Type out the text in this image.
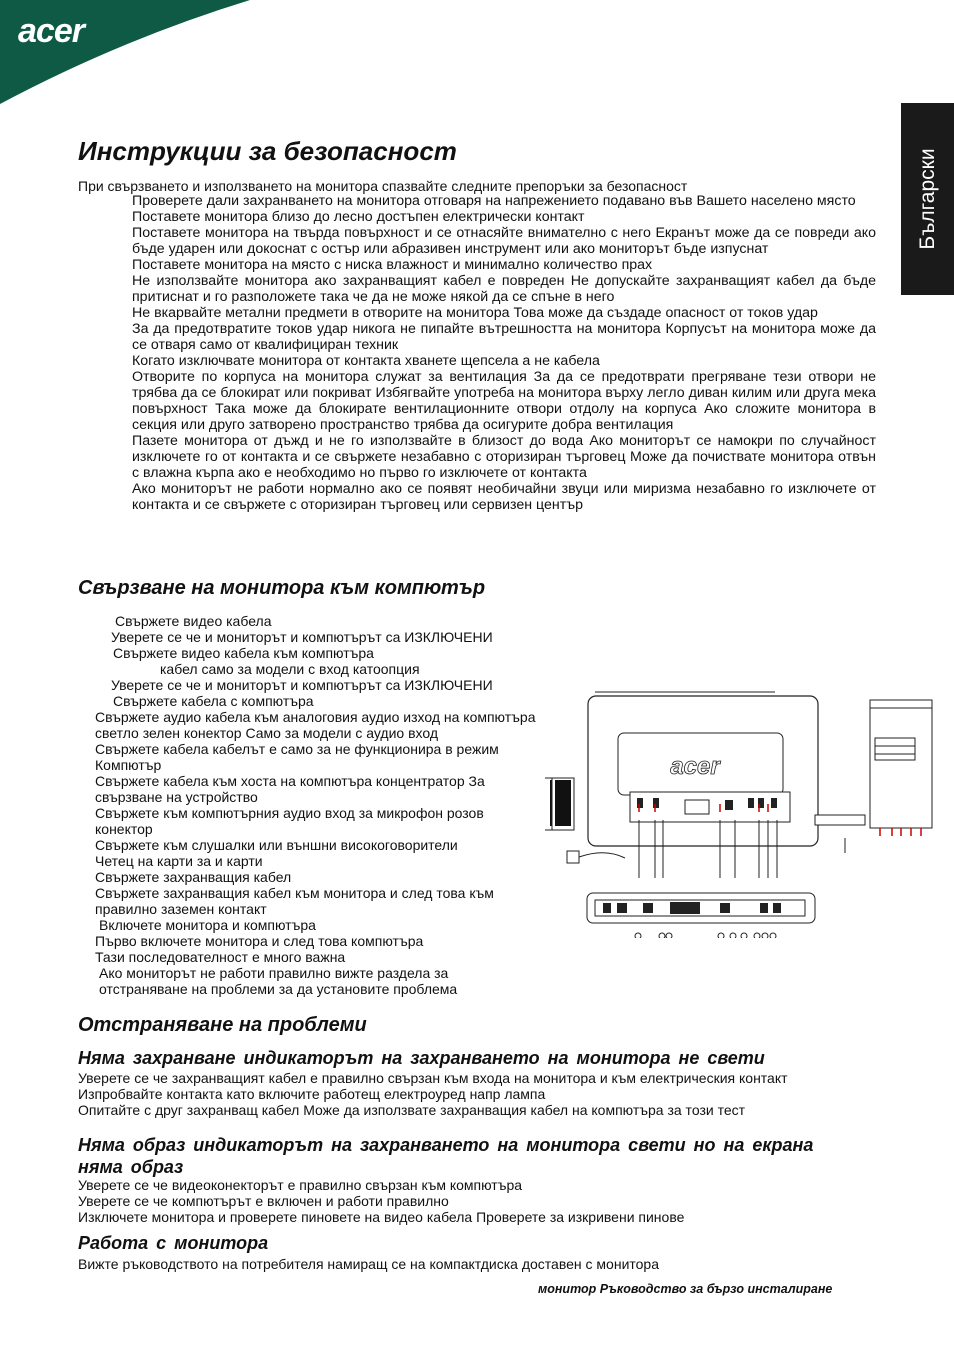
acer
Български
Инструкции за безопасност
При свързването и използването на монитора спазвайте следните препоръки за безопасност
Проверете дали захранването на монитора отговаря на напрежението подавано във Вашето населено място
Поставете монитора близо до лесно достъпен електрически контакт
Поставете монитора на твърда повърхност и се отнасяйте внимателно с него Екранът може да се повреди ако бъде ударен или докоснат с остър или абразивен инструмент или ако мониторът бъде изпуснат
Поставете монитора на място с ниска влажност и минимално количество прах
Не използвайте монитора ако захранващият кабел е повреден Не допускайте захранващият кабел да бъде притиснат и го разположете така че да не може някой да се спъне в него
Не вкарвайте метални предмети в отворите на монитора Това може да създаде опасност от токов удар
За да предотвратите токов удар никога не пипайте вътрешността на монитора Корпусът на монитора може да се отваря само от квалифициран техник
Когато изключвате монитора от контакта хванете щепсела а не кабела
Отворите по корпуса на монитора служат за вентилация За да се предотврати прегряване тези отвори не трябва да се блокират или покриват Избягвайте употреба на монитора върху легло диван килим или друга мека повърхност Така може да блокирате вентилационните отвори отдолу на корпуса Ако сложите монитора в секция или друго затворено пространство трябва да осигурите добра вентилация
Пазете монитора от дъжд и не го използвайте в близост до вода Ако мониторът се намокри по случайност изключете го от контакта и се свържете незабавно с оторизиран търговец Може да почиствате монитора отвън с влажна кърпа ако е необходимо но първо го изключете от контакта
Ако мониторът не работи нормално ако се появят необичайни звуци или миризма незабавно го изключете от контакта и се свържете с оторизиран търговец или сервизен център
Свързване на монитора към компютър
Свържете видео кабела
Уверете се че и мониторът и компютърът са ИЗКЛЮЧЕНИ
Свържете видео кабела към компютъра
кабел само за модели с вход катоопция
Уверете се че и мониторът и компютърът са ИЗКЛЮЧЕНИ
Свържете кабела с компютъра
Свържете аудио кабела към аналоговия аудио изход на компютъра светло зелен конектор Само за модели с аудио вход
Свържете кабела кабелът е само за не функционира в режим Компютър
Свържете кабела към хоста на компютъра концентратор За свързване на устройство
Свържете към компютърния аудио вход за микрофон розов конектор
Свържете към слушалки или външни високоговорители
Четец на карти за и карти
Свържете захранващия кабел
Свържете захранващия кабел към монитора и след това към правилно заземен контакт
Включете монитора и компютъра
Първо включете монитора и след това компютъра
Тази последователност е много важна
Ако мониторът не работи правилно вижте раздела за отстраняване на проблеми за да установите проблема
acer
Отстраняване на проблеми
Няма захранване индикаторът на захранването на монитора не свети
Уверете се че захранващият кабел е правилно свързан към входа на монитора и към електрическия контакт
Изпробвайте контакта като включите работещ електроуред напр лампа
Опитайте с друг захранващ кабел Може да използвате захранващия кабел на компютъра за този тест
Няма образ индикаторът на захранването на монитора свети но на екрана няма образ
Уверете се че видеоконекторът е правилно свързан към компютъра
Уверете се че компютърът е включен и работи правилно
Изключете монитора и проверете пиновете на видео кабела Проверете за изкривени пинове
Работа с монитора
Вижте ръководството на потребителя намиращ се на компактдиска доставен с монитора
монитор Ръководство за бързо инсталиране
